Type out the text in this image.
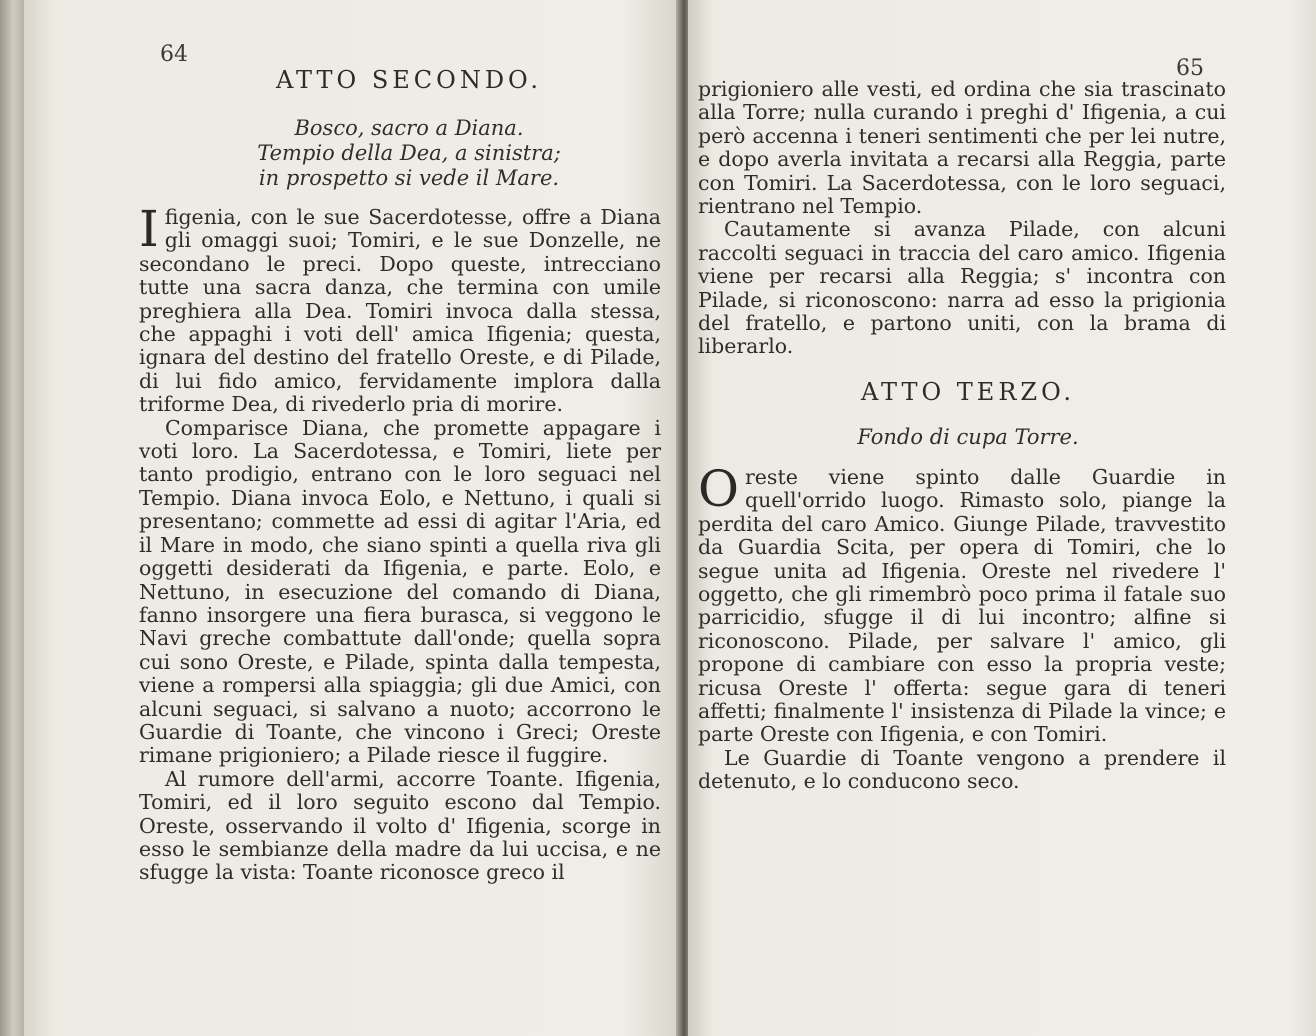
64
ATTO SECONDO.
Bosco, sacro a Diana.
Tempio della Dea, a sinistra;
in prospetto si vede il Mare.

Ifigenia, con le sue Sacerdotesse, offre a Diana gli omaggi suoi; Tomiri, e le sue Donzelle, ne secondano le preci. Dopo queste, intrecciano tutte una sacra danza, che termina con umile preghiera alla Dea. Tomiri invoca dalla stessa, che appaghi i voti dell' amica Ifigenia; questa, ignara del destino del fratello Oreste, e di Pilade, di lui fido amico, fervidamente implora dalla triforme Dea, di rivederlo pria di morire.

Comparisce Diana, che promette appagare i voti loro. La Sacerdotessa, e Tomiri, liete per tanto prodigio, entrano con le loro seguaci nel Tempio. Diana invoca Eolo, e Nettuno, i quali si presentano; commette ad essi di agitar l'Aria, ed il Mare in modo, che siano spinti a quella riva gli oggetti desiderati da Ifigenia, e parte. Eolo, e Nettuno, in esecuzione del comando di Diana, fanno insorgere una fiera burasca, si veggono le Navi greche combattute dall'onde; quella sopra cui sono Oreste, e Pilade, spinta dalla tempesta, viene a rompersi alla spiaggia; gli due Amici, con alcuni seguaci, si salvano a nuoto; accorrono le Guardie di Toante, che vincono i Greci; Oreste rimane prigioniero; a Pilade riesce il fuggire.

Al rumore dell'armi, accorre Toante. Ifigenia, Tomiri, ed il loro seguito escono dal Tempio. Oreste, osservando il volto d' Ifigenia, scorge in esso le sembianze della madre da lui uccisa, e ne sfugge la vista: Toante riconosce greco il

65

prigioniero alle vesti, ed ordina che sia trascinato alla Torre; nulla curando i preghi d' Ifigenia, a cui però accenna i teneri sentimenti che per lei nutre, e dopo averla invitata a recarsi alla Reggia, parte con Tomiri. La Sacerdotessa, con le loro seguaci, rientrano nel Tempio.

Cautamente si avanza Pilade, con alcuni raccolti seguaci in traccia del caro amico. Ifigenia viene per recarsi alla Reggia; s' incontra con Pilade, si riconoscono: narra ad esso la prigionia del fratello, e partono uniti, con la brama di liberarlo.

ATTO TERZO.
Fondo di cupa Torre.

Oreste viene spinto dalle Guardie in quell'orrido luogo. Rimasto solo, piange la perdita del caro Amico. Giunge Pilade, travvestito da Guardia Scita, per opera di Tomiri, che lo segue unita ad Ifigenia. Oreste nel rivedere l' oggetto, che gli rimembrò poco prima il fatale suo parricidio, sfugge il di lui incontro; alfine si riconoscono. Pilade, per salvare l' amico, gli propone di cambiare con esso la propria veste; ricusa Oreste l' offerta: segue gara di teneri affetti; finalmente l' insistenza di Pilade la vince; e parte Oreste con Ifigenia, e con Tomiri.

Le Guardie di Toante vengono a prendere il detenuto, e lo conducono seco.
